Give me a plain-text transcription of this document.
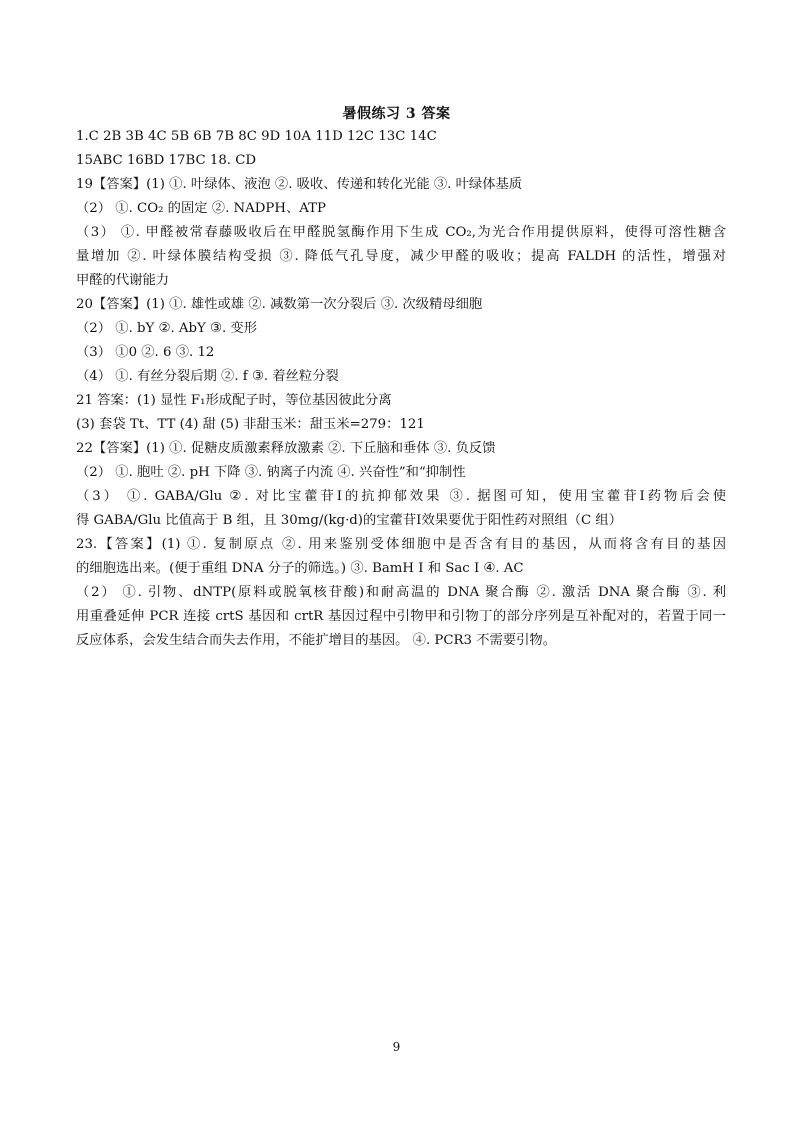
暑假练习 3 答案
1.C 2B 3B 4C 5B 6B 7B 8C 9D 10A 11D 12C 13C 14C
15ABC 16BD 17BC 18. CD
19【答案】(1) ①. 叶绿体、液泡 ②. 吸收、传递和转化光能 ③. 叶绿体基质
（2） ①. CO₂ 的固定 ②. NADPH、ATP
（3） ①. 甲醛被常春藤吸收后在甲醛脱氢酶作用下生成 CO₂,为光合作用提供原料，使得可溶性糖含
量增加 ②. 叶绿体膜结构受损 ③. 降低气孔导度，减少甲醛的吸收；提高 FALDH 的活性，增强对
甲醛的代谢能力
20【答案】(1) ①. 雄性或雄 ②. 减数第一次分裂后 ③. 次级精母细胞
（2） ①. bY ②. AbY ③. 变形
（3） ①0 ②. 6 ③. 12
（4） ①. 有丝分裂后期 ②. f ③. 着丝粒分裂
21 答案：(1) 显性 F₁形成配子时，等位基因彼此分离
(3) 套袋 Tt、TT (4) 甜 (5) 非甜玉米：甜玉米=279：121
22【答案】(1) ①. 促糖皮质激素释放激素 ②. 下丘脑和垂体 ③. 负反馈
（2） ①. 胞吐 ②. pH 下降 ③. 钠离子内流 ④. 兴奋性”和“抑制性
（3） ①. GABA/Glu ②. 对比宝藿苷Ⅰ的抗抑郁效果 ③. 据图可知，使用宝藿苷Ⅰ药物后会使
得 GABA/Glu 比值高于 B 组，且 30mg/(kg·d)的宝藿苷Ⅰ效果要优于阳性药对照组（C 组）
23.【答案】(1) ①. 复制原点 ②. 用来鉴别受体细胞中是否含有目的基因，从而将含有目的基因
的细胞选出来。(便于重组 DNA 分子的筛选。) ③. BamH Ⅰ 和 Sac Ⅰ ④. AC
（2） ①. 引物、dNTP(原料或脱氧核苷酸)和耐高温的 DNA 聚合酶 ②. 激活 DNA 聚合酶 ③. 利
用重叠延伸 PCR 连接 crtS 基因和 crtR 基因过程中引物甲和引物丁的部分序列是互补配对的，若置于同一
反应体系，会发生结合而失去作用，不能扩增目的基因。 ④. PCR3 不需要引物。
9
